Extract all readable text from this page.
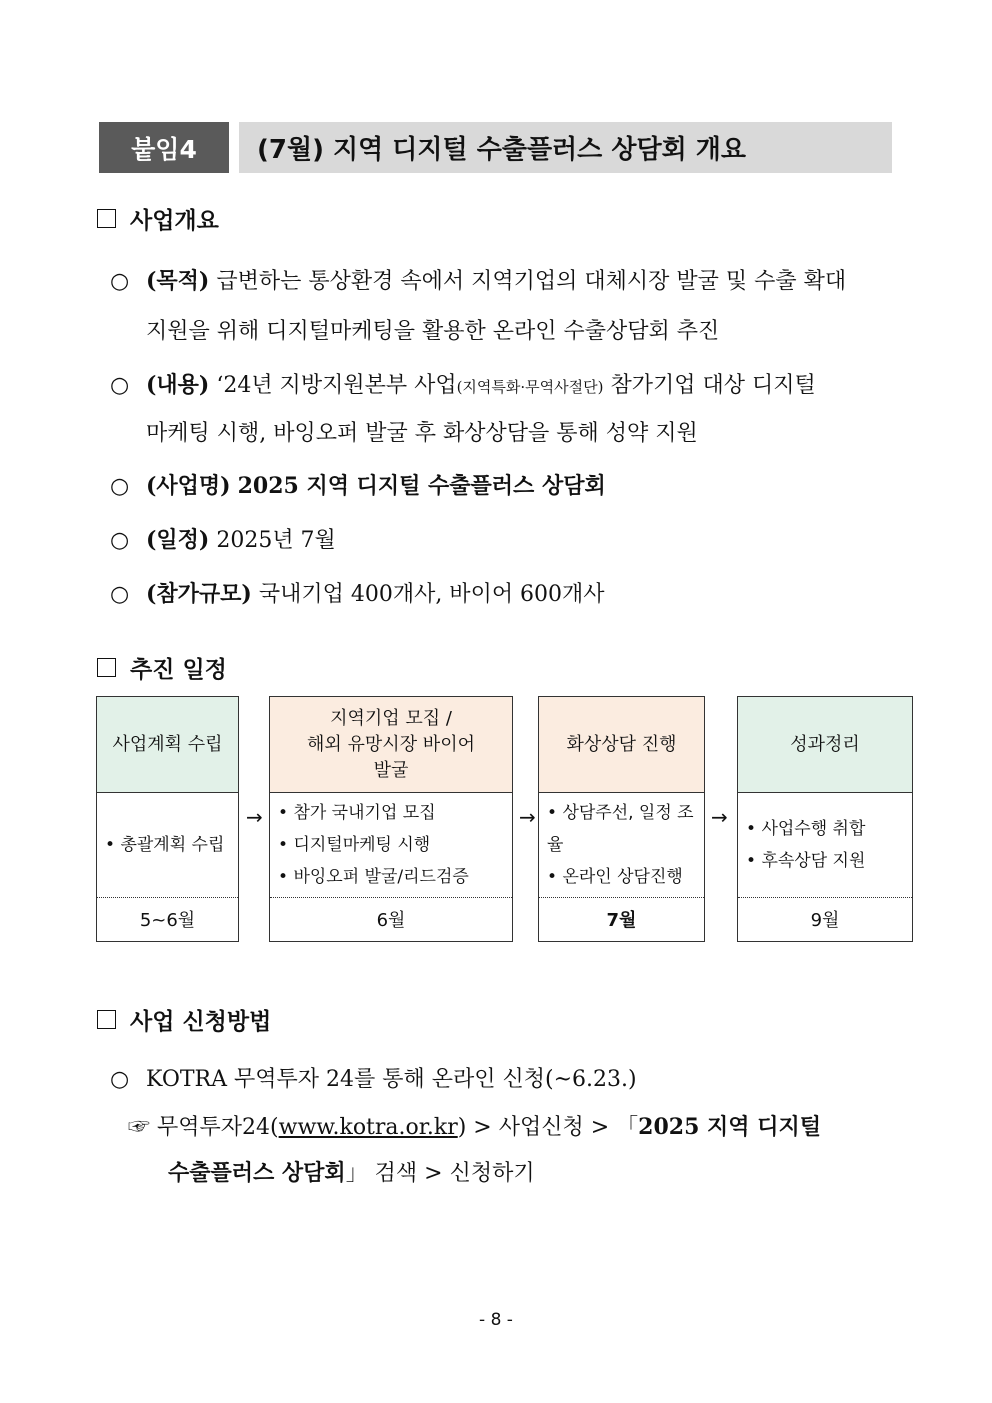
붙임4	(7월) 지역 디지털 수출플러스 상담회 개요
사업개요
○ (목적) 급변하는 통상환경 속에서 지역기업의 대체시장 발굴 및 수출 확대
지원을 위해 디지털마케팅을 활용한 온라인 수출상담회 추진
○ (내용) ‘24년 지방지원본부 사업(지역특화·무역사절단) 참가기업 대상 디지털
마케팅 시행, 바잉오퍼 발굴 후 화상상담을 통해 성약 지원
○ (사업명) 2025 지역 디지털 수출플러스 상담회
○ (일정) 2025년 7월
○ (참가규모) 국내기업 400개사, 바이어 600개사
추진 일정
사업계획 수립
• 총괄계획 수립
5~6월
→
지역기업 모집 /
해외 유망시장 바이어
발굴
• 참가 국내기업 모집
• 디지털마케팅 시행
• 바잉오퍼 발굴/리드검증
6월
→
화상상담 진행
• 상담주선, 일정 조율
• 온라인 상담진행
7월
→
성과정리
• 사업수행 취합
• 후속상담 지원
9월
사업 신청방법
○ KOTRA 무역투자 24를 통해 온라인 신청(~6.23.)
☞ 무역투자24(www.kotra.or.kr) > 사업신청 > 「2025 지역 디지털
수출플러스 상담회」 검색 > 신청하기
- 8 -
